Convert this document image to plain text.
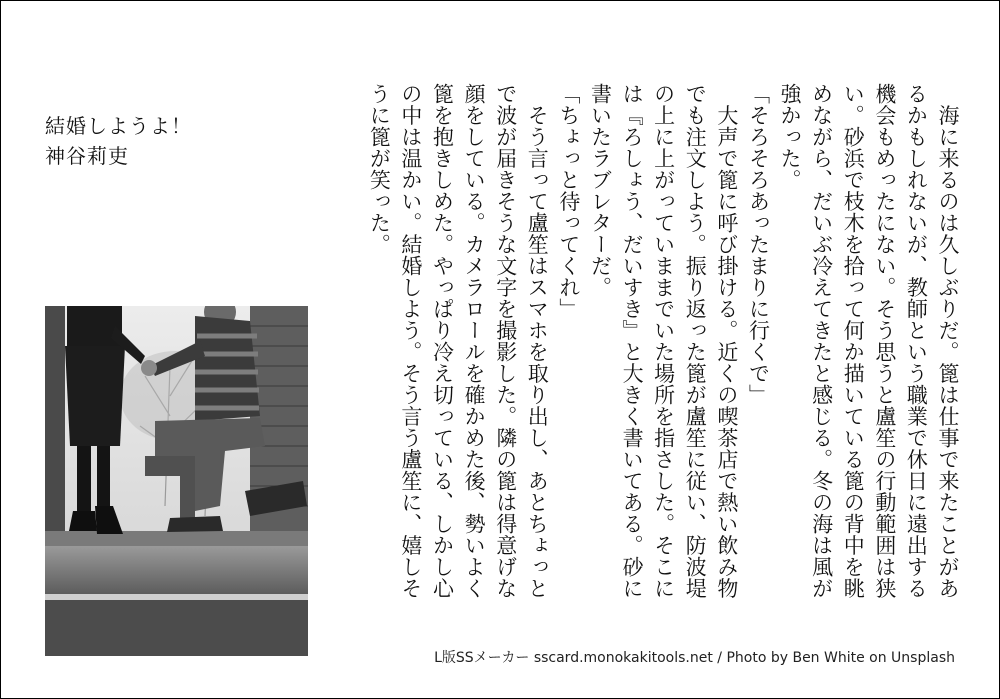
結婚しようよ！
神谷莉吏	　海に来るのは久しぶりだ。篦は仕事で来たことがあるかもしれないが、教師という職業で休日に遠出する機会もめったにない。そう思うと盧笙の行動範囲は狭い。砂浜で枝木を拾って何か描いている篦の背中を眺めながら、だいぶ冷えてきたと感じる。冬の海は風が強かった。

「そろそろあったまりに行くで」

　大声で篦に呼び掛ける。近くの喫茶店で熱い飲み物でも注文しよう。振り返った篦が盧笙に従い、防波堤の上に上がっていままでいた場所を指さした。そこには『ろしょう、だいすき』と大きく書いてある。砂に書いたラブレターだ。

「ちょっと待ってくれ」

　そう言って盧笙はスマホを取り出し、あとちょっとで波が届きそうな文字を撮影した。隣の篦は得意げな顔をしている。カメラロールを確かめた後、勢いよく篦を抱きしめた。やっぱり冷え切っている、しかし心の中は温かい。結婚しよう。そう言う盧笙に、嬉しそうに篦が笑った。

L版SSメーカー sscard.monokakitools.net / Photo by Ben White on Unsplash
